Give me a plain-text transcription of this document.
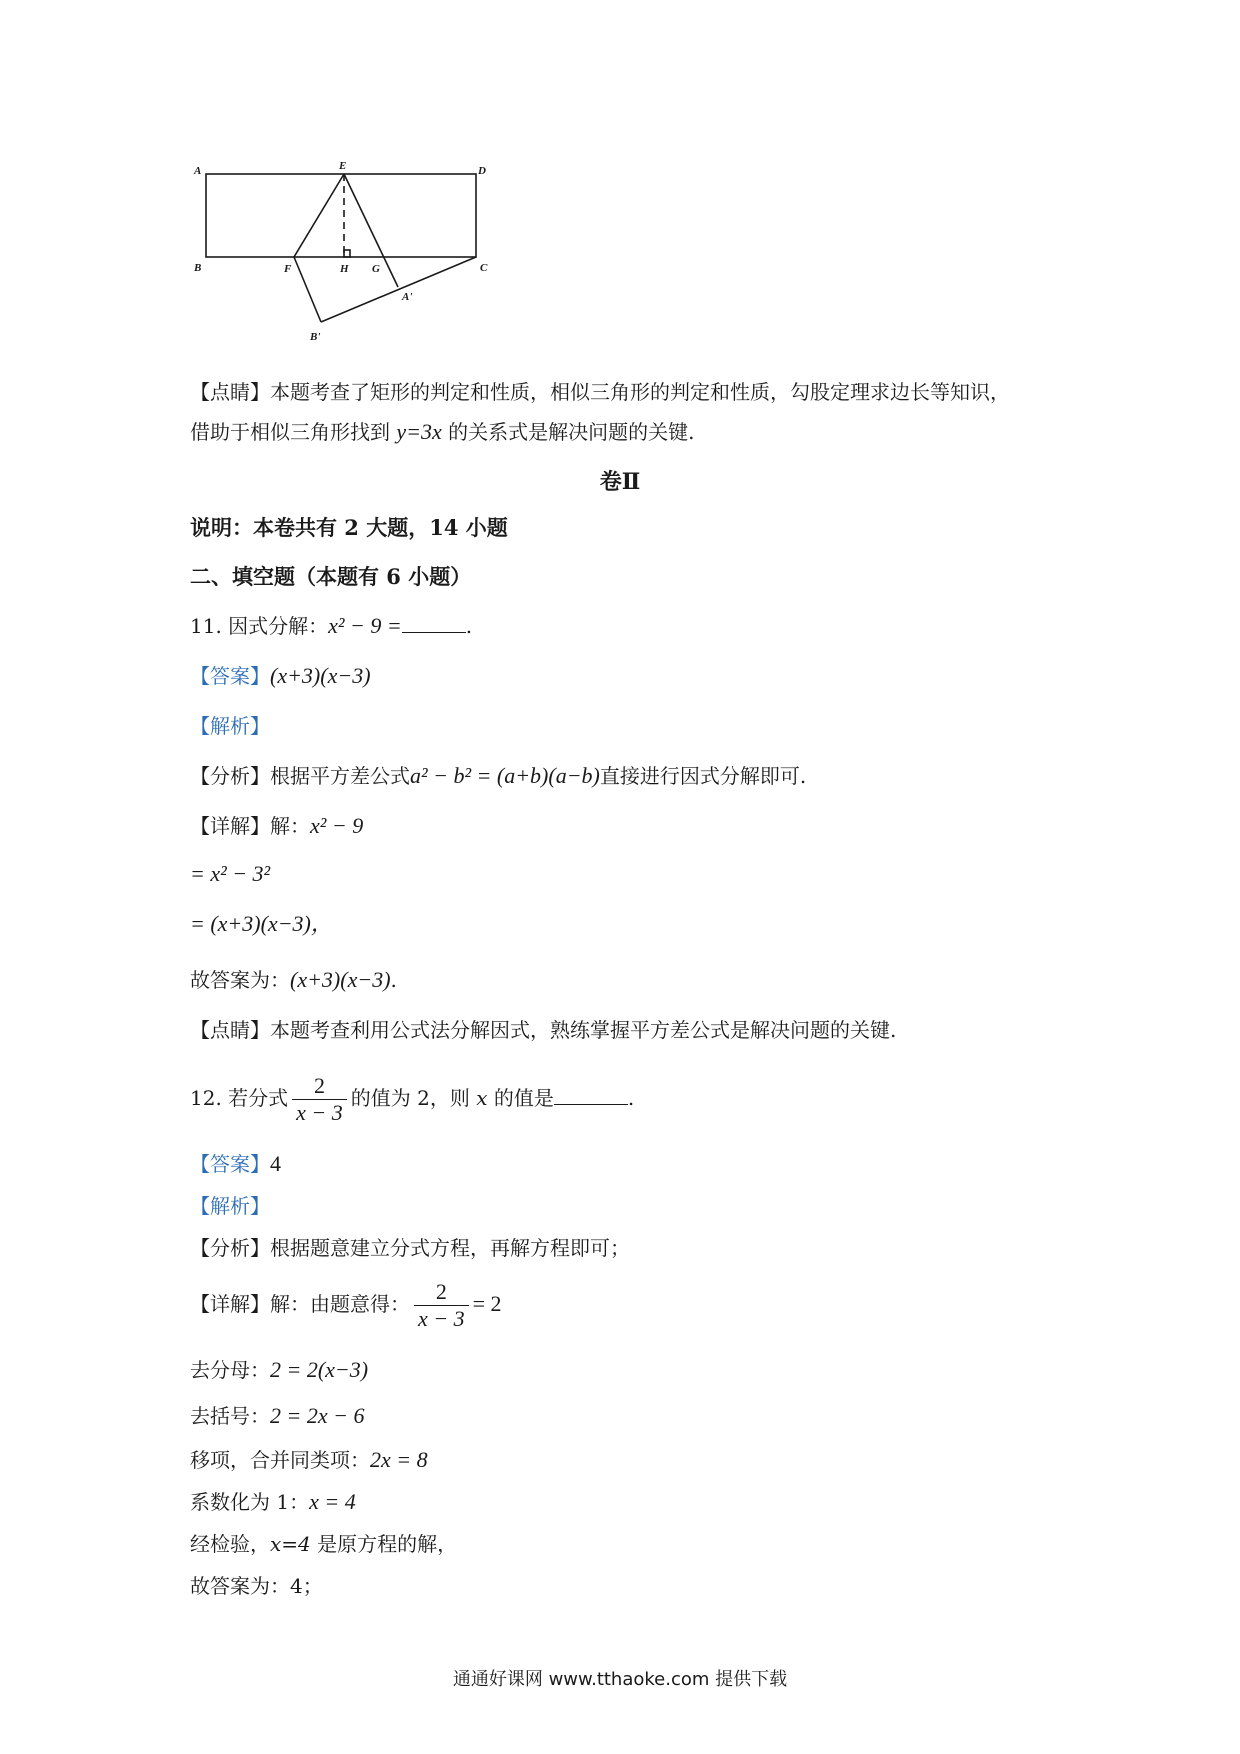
A	E	D
B	F	H G	C
A'
B'
【点睛】本题考查了矩形的判定和性质，相似三角形的判定和性质，勾股定理求边长等知识，
借助于相似三角形找到 y=3x 的关系式是解决问题的关键.
卷Ⅱ
说明：本卷共有 2 大题，14 小题
二、填空题（本题有 6 小题）
11. 因式分解：x² − 9 =	.
【答案】(x+3)(x−3)
【解析】
【分析】根据平方差公式a² − b² = (a+b)(a−b)直接进行因式分解即可.
【详解】解：x² − 9
= x² − 3²
= (x+3)(x−3)，
故答案为：(x+3)(x−3).
【点睛】本题考查利用公式法分解因式，熟练掌握平方差公式是解决问题的关键.
12. 若分式 $\frac{2}{x - 3}$ 的值为 2，则 x 的值是	.
【答案】4
【解析】
【分析】根据题意建立分式方程，再解方程即可；
【详解】解：由题意得： $\frac{2}{x - 3} = 2$
去分母：2 = 2(x−3)
去括号：2 = 2x − 6
移项，合并同类项：2x = 8
系数化为 1：x = 4
经检验，x=4 是原方程的解，
故答案为：4；
通通好课网 www.tthaoke.com 提供下载
